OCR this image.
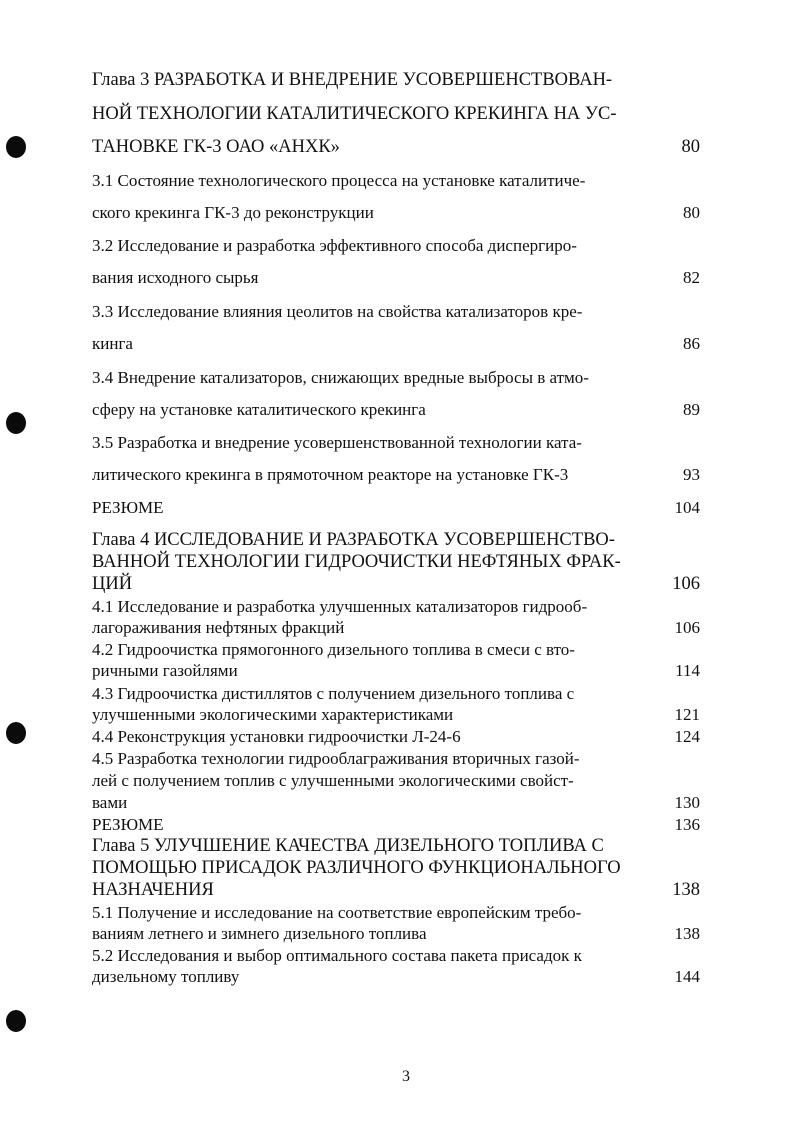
Глава 3 РАЗРАБОТКА И ВНЕДРЕНИЕ УСОВЕРШЕНСТВОВАН-
НОЙ ТЕХНОЛОГИИ КАТАЛИТИЧЕСКОГО КРЕКИНГА НА УС-
ТАНОВКЕ ГК-3 ОАО «АНХК»	80
3.1 Состояние технологического процесса на установке каталитиче-
ского крекинга ГК-3 до реконструкции	80
3.2 Исследование и разработка эффективного способа диспергиро-
вания исходного сырья	82
3.3 Исследование влияния цеолитов на свойства катализаторов кре-
кинга	86
3.4 Внедрение катализаторов, снижающих вредные выбросы в атмо-
сферу на установке каталитического крекинга	89
3.5 Разработка и внедрение усовершенствованной технологии ката-
литического крекинга в прямоточном реакторе на установке ГК-3	93
РЕЗЮМЕ	104
Глава 4 ИССЛЕДОВАНИЕ И РАЗРАБОТКА УСОВЕРШЕНСТВО-
ВАННОЙ ТЕХНОЛОГИИ ГИДРООЧИСТКИ НЕФТЯНЫХ ФРАК-
ЦИЙ	106
4.1 Исследование и разработка улучшенных катализаторов гидрооб-
лагораживания нефтяных фракций	106
4.2 Гидроочистка прямогонного дизельного топлива в смеси с вто-
ричными газойлями	114
4.3 Гидроочистка дистиллятов с получением дизельного топлива с
улучшенными экологическими характеристиками	121
4.4 Реконструкция установки гидроочистки Л-24-6	124
4.5 Разработка технологии гидрооблаграживания вторичных газой-
лей с получением топлив с улучшенными экологическими свойст-
вами	130
РЕЗЮМЕ	136
Глава 5 УЛУЧШЕНИЕ КАЧЕСТВА ДИЗЕЛЬНОГО ТОПЛИВА С
ПОМОЩЬЮ ПРИСАДОК РАЗЛИЧНОГО ФУНКЦИОНАЛЬНОГО
НАЗНАЧЕНИЯ	138
5.1 Получение и исследование на соответствие европейским требо-
ваниям летнего и зимнего дизельного топлива	138
5.2 Исследования и выбор оптимального состава пакета присадок к
дизельному топливу	144
3
